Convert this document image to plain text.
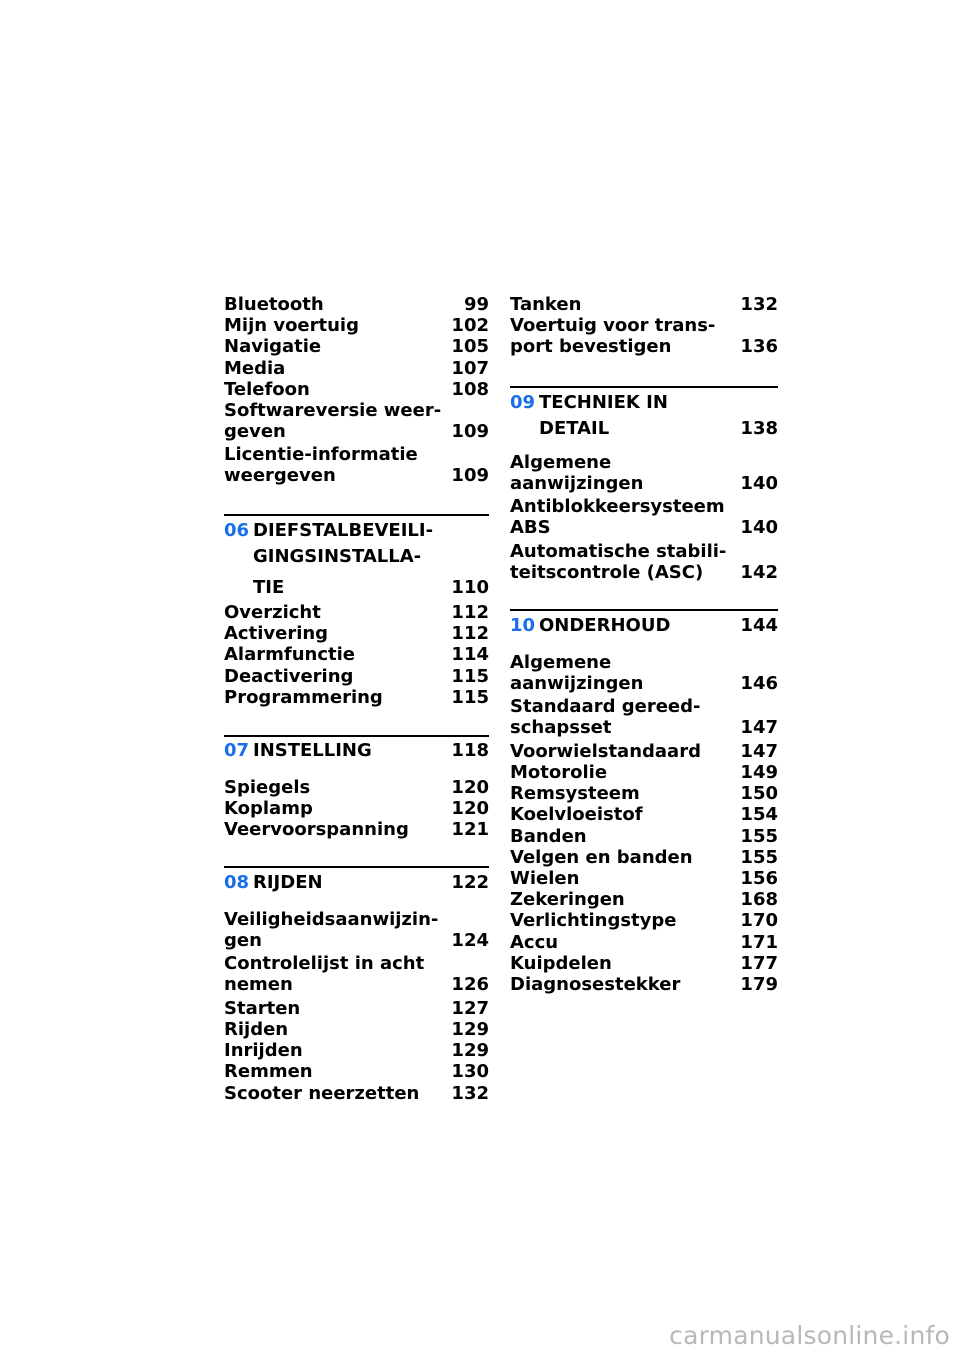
Bluetooth	99
Mijn voertuig	102
Navigatie	105
Media	107
Telefoon	108
Softwareversie weer-
geven	109
Licentie-informatie
weergeven	109
06 DIEFSTALBEVEILI-
GINGSINSTALLA-
TIE	110
Overzicht	112
Activering	112
Alarmfunctie	114
Deactivering	115
Programmering	115
07 INSTELLING	118
Spiegels	120
Koplamp	120
Veervoorspanning 121
08 RIJDEN	122
Veiligheidsaanwijzin-
gen	124
Controlelijst in acht
nemen	126
Starten	127
Rijden	129
Inrijden	129
Remmen	130
Scooter neerzetten 132
Tanken	132
Voertuig voor trans-
port bevestigen	136
09 TECHNIEK IN
DETAIL	138
Algemene
aanwijzingen	140
Antiblokkeersysteem
ABS	140
Automatische stabili-
teitscontrole (ASC) 142
10 ONDERHOUD	144
Algemene
aanwijzingen	146
Standaard gereed-
schapsset	147
Voorwielstandaard 147
Motorolie	149
Remsysteem	150
Koelvloeistof	154
Banden	155
Velgen en banden	155
Wielen	156
Zekeringen	168
Verlichtingstype	170
Accu	171
Kuipdelen	177
Diagnosestekker	179
carmanualsonline.info
